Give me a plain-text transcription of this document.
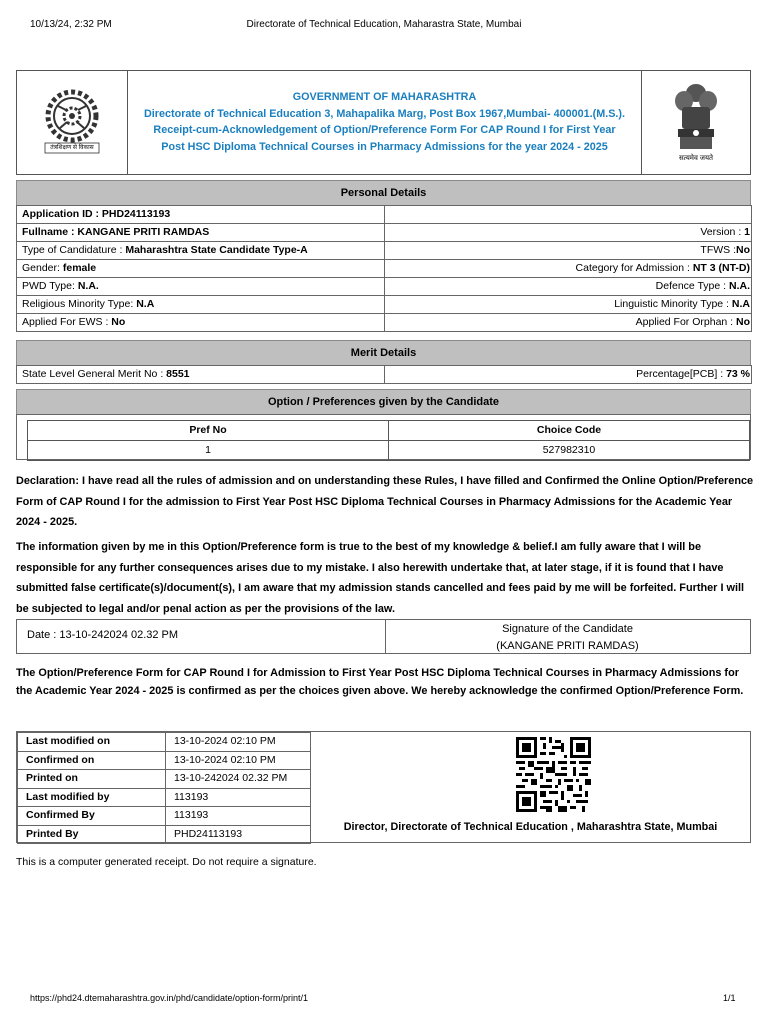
10/13/24, 2:32 PM	Directorate of Technical Education, Maharastra State, Mumbai
तंत्रशिक्षण से विकास
GOVERNMENT OF MAHARASHTRA
Directorate of Technical Education 3, Mahapalika Marg, Post Box 1967,Mumbai- 400001.(M.S.).
Receipt-cum-Acknowledgement of Option/Preference Form For CAP Round I for First Year
Post HSC Diploma Technical Courses in Pharmacy Admissions for the year 2024 - 2025
सत्यमेव जयते
Personal Details
Application ID : PHD24113193	
Fullname : KANGANE PRITI RAMDAS	Version : 1
Type of Candidature : Maharashtra State Candidate Type-A	TFWS :No
Gender: female	Category for Admission : NT 3 (NT-D)
PWD Type: N.A.	Defence Type : N.A.
Religious Minority Type: N.A	Linguistic Minority Type : N.A
Applied For EWS : No	Applied For Orphan : No
Merit Details
State Level General Merit No : 8551	Percentage[PCB] : 73 %
Option / Preferences given by the Candidate
Pref No	Choice Code
1	527982310
Declaration: I have read all the rules of admission and on understanding these Rules, I have filled and Confirmed the Online Option/Preference Form of CAP Round I for the admission to First Year Post HSC Diploma Technical Courses in Pharmacy Admissions for the Academic Year 2024 - 2025.
The information given by me in this Option/Preference form is true to the best of my knowledge & belief.I am fully aware that I will be responsible for any further consequences arises due to my mistake. I also herewith undertake that, at later stage, if it is found that I have submitted false certificate(s)/document(s), I am aware that my admission stands cancelled and fees paid by me will be forfeited. Further I will be subjected to legal and/or penal action as per the provisions of the law.
Date : 13-10-242024 02.32 PM	Signature of the Candidate
(KANGANE PRITI RAMDAS)
The Option/Preference Form for CAP Round I for Admission to First Year Post HSC Diploma Technical Courses in Pharmacy Admissions for the Academic Year 2024 - 2025 is confirmed as per the choices given above. We hereby acknowledge the confirmed Option/Preference Form.
Last modified on	13-10-2024 02:10 PM
Confirmed on	13-10-2024 02:10 PM
Printed on	13-10-242024 02.32 PM
Last modified by	113193
Confirmed By	113193
Printed By	PHD24113193
Director, Directorate of Technical Education , Maharashtra State, Mumbai
This is a computer generated receipt. Do not require a signature.
https://phd24.dtemaharashtra.gov.in/phd/candidate/option-form/print/1	1/1
